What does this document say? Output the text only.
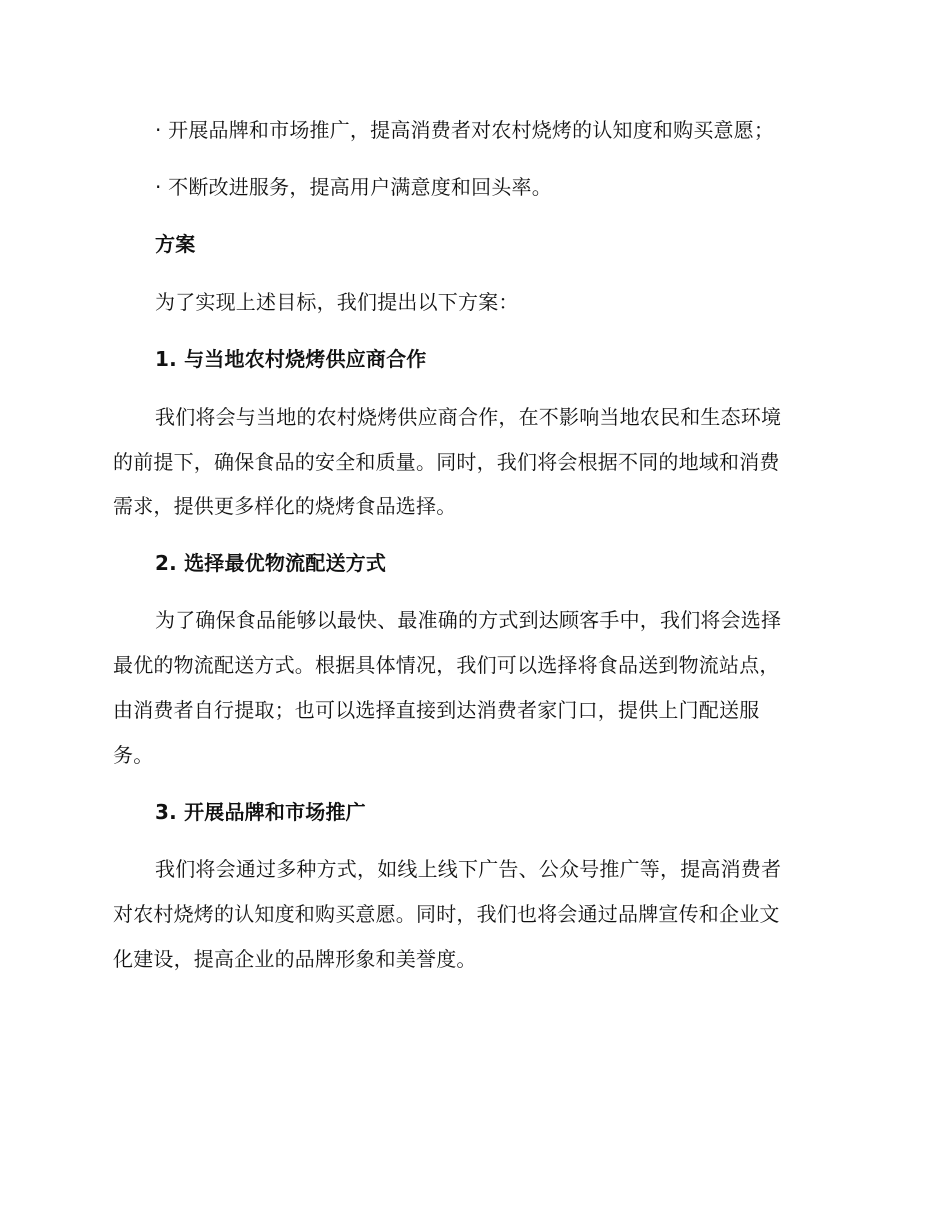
· 开展品牌和市场推广，提高消费者对农村烧烤的认知度和购买意愿；
· 不断改进服务，提高用户满意度和回头率。
方案
为了实现上述目标，我们提出以下方案：
1. 与当地农村烧烤供应商合作
我们将会与当地的农村烧烤供应商合作，在不影响当地农民和生态环境
的前提下，确保食品的安全和质量。同时，我们将会根据不同的地域和消费
需求，提供更多样化的烧烤食品选择。
2. 选择最优物流配送方式
为了确保食品能够以最快、最准确的方式到达顾客手中，我们将会选择
最优的物流配送方式。根据具体情况，我们可以选择将食品送到物流站点，
由消费者自行提取；也可以选择直接到达消费者家门口，提供上门配送服
务。
3. 开展品牌和市场推广
我们将会通过多种方式，如线上线下广告、公众号推广等，提高消费者
对农村烧烤的认知度和购买意愿。同时，我们也将会通过品牌宣传和企业文
化建设，提高企业的品牌形象和美誉度。
